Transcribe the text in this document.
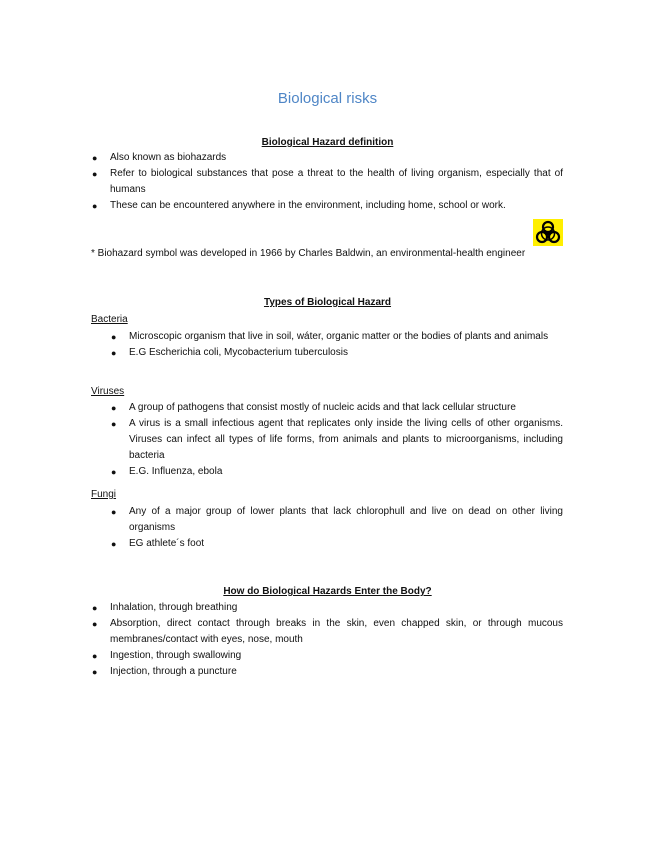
Biological risks
Biological Hazard definition
● Also known as biohazards
● Refer to biological substances that pose a threat to the health of living organism, especially that of humans
● These can be encountered anywhere in the environment, including home, school or work.
* Biohazard symbol was developed in 1966 by Charles Baldwin, an environmental-health engineer
Types of Biological Hazard
Bacteria
● Microscopic organism that live in soil, wáter, organic matter or the bodies of plants and animals
● E.G Escherichia coli, Mycobacterium tuberculosis
Viruses
● A group of pathogens that consist mostly of nucleic acids and that lack cellular structure
● A virus is a small infectious agent that replicates only inside the living cells of other organisms. Viruses can infect all types of life forms, from animals and plants to microorganisms, including bacteria
● E.G. Influenza, ebola
Fungi
● Any of a major group of lower plants that lack chlorophull and live on dead on other living organisms
● EG athlete´s foot
How do Biological Hazards Enter the Body?
● Inhalation, through breathing
● Absorption, direct contact through breaks in the skin, even chapped skin, or through mucous membranes/contact with eyes, nose, mouth
● Ingestion, through swallowing
● Injection, through a puncture
